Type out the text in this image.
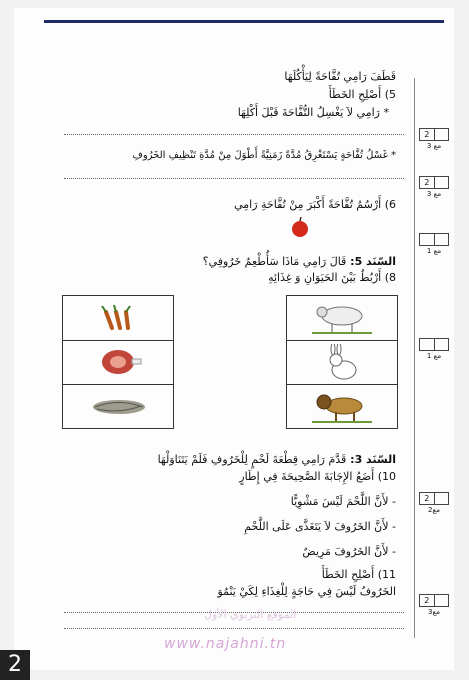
قَطَفَ رَامِي تُفَّاحَةً لِيَأْكُلَهَا
5) أَصْلِحِ الخَطَأَ
* رَامِي لاَ يَغْسِلُ التُّفَّاحَةَ قَبْلَ أَكْلِهَا
2
مع 3
* غَسْلُ تُفَّاحَةٍ يَسْتَغْرِقُ مُدَّةً زَمَنِيَّةً أَطْوَلَ مِنْ مُدَّةِ تَنْظِيفِ الخَرُوفِ
2
مع 3
6) أَرْسُمُ تُفَّاحَةً أَكْبَرَ مِنْ تُفَّاحَةِ رَامِي
مع 1
السّنَد 5: قَالَ رَامِي مَاذَا سَأُطْعِمُ خَرُوفِي؟
8) أَرْبُطُ بَيْنَ الحَيَوَانِ وَ غِذَائِهِ
مع 1
السّنَد 3: قَدَّمَ رَامِي قِطْعَةَ لَحْمٍ لِلْخَرُوفِ فَلَمْ يَتَنَاوَلْهَا
10) أَضَعُ الإِجَابَةَ الصَّحِيحَةَ فِي إِطَارٍ
- لأَنَّ اللَّحْمَ لَيْسَ مَشْوِيًّا
- لأَنَّ الخَرُوفَ لاَ يَتَغَذَّى عَلَى اللَّحْمِ
- لأَنَّ الخَرُوفَ مَرِيضٌ
2
مع2
11) أَصْلِحِ الخَطَأَ
الخَرُوفُ لَيْسَ فِي حَاجَةٍ لِلْغِذَاءِ لِكَيْ يَنْمُوَ
2
مع3
الموقع التربوي الأول
www.najahni.tn
2
